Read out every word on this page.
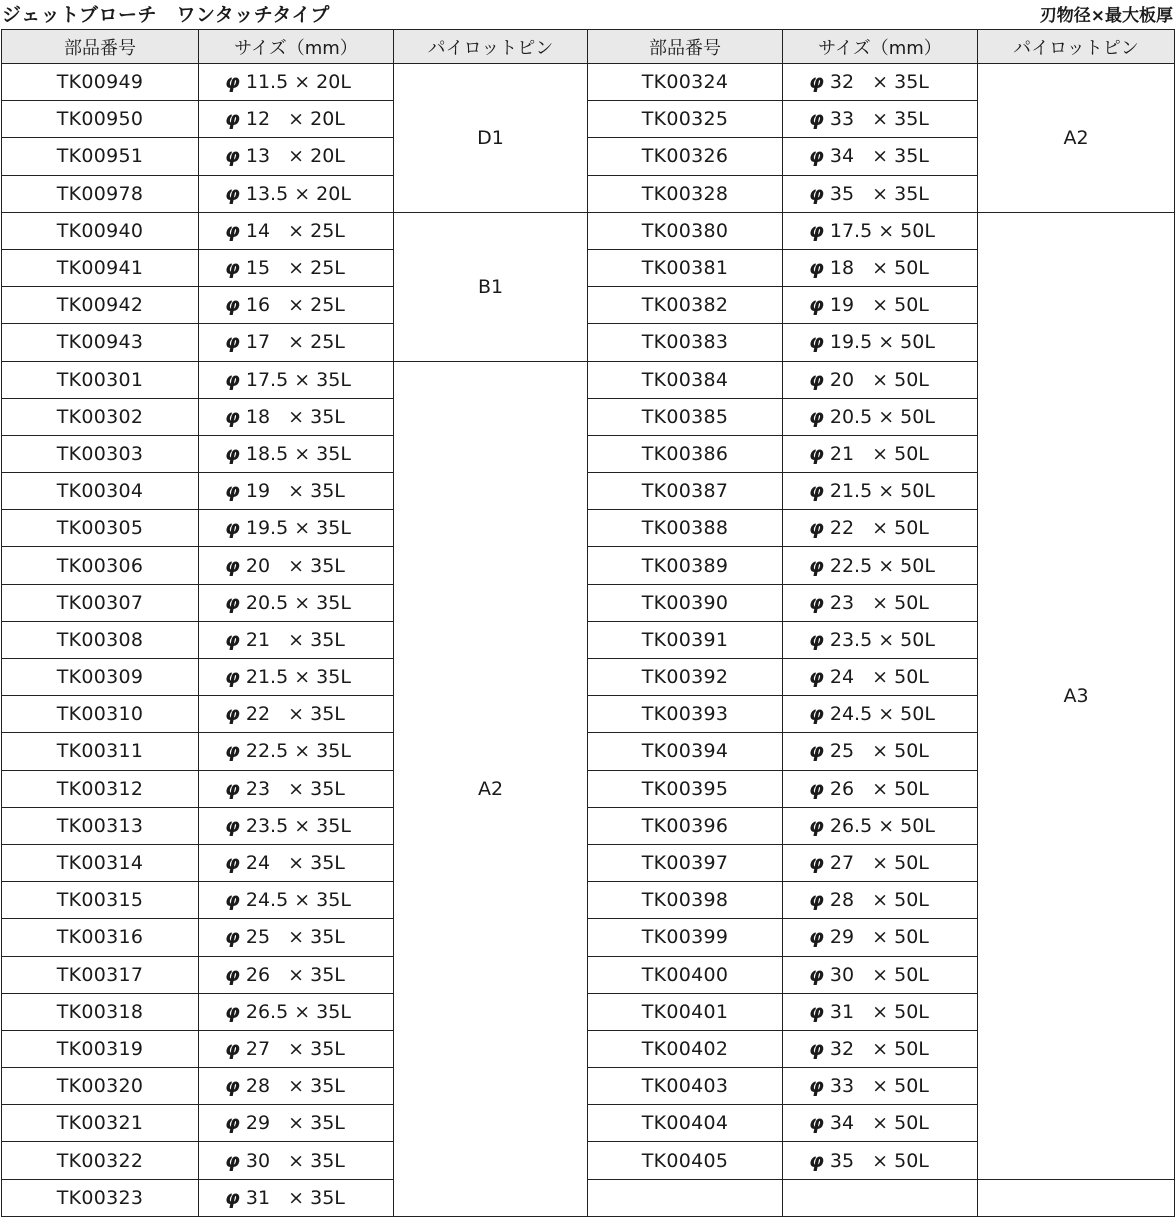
ジェットブローチ　ワンタッチタイプ	刃物径×最大板厚
部品番号	サイズ（mm）	パイロットピン	部品番号	サイズ（mm）	パイロットピン
TK00949	φ 11.5 × 20L	D1	TK00324	φ 32   × 35L	A2
TK00950	φ 12   × 20L		TK00325	φ 33   × 35L	
TK00951	φ 13   × 20L		TK00326	φ 34   × 35L	
TK00978	φ 13.5 × 20L		TK00328	φ 35   × 35L	
TK00940	φ 14   × 25L	B1	TK00380	φ 17.5 × 50L	A3
TK00941	φ 15   × 25L		TK00381	φ 18   × 50L	
TK00942	φ 16   × 25L		TK00382	φ 19   × 50L	
TK00943	φ 17   × 25L		TK00383	φ 19.5 × 50L	
TK00301	φ 17.5 × 35L	A2	TK00384	φ 20   × 50L	
TK00302	φ 18   × 35L		TK00385	φ 20.5 × 50L	
TK00303	φ 18.5 × 35L		TK00386	φ 21   × 50L	
TK00304	φ 19   × 35L		TK00387	φ 21.5 × 50L	
TK00305	φ 19.5 × 35L		TK00388	φ 22   × 50L	
TK00306	φ 20   × 35L		TK00389	φ 22.5 × 50L	
TK00307	φ 20.5 × 35L		TK00390	φ 23   × 50L	
TK00308	φ 21   × 35L		TK00391	φ 23.5 × 50L	
TK00309	φ 21.5 × 35L		TK00392	φ 24   × 50L	
TK00310	φ 22   × 35L		TK00393	φ 24.5 × 50L	
TK00311	φ 22.5 × 35L		TK00394	φ 25   × 50L	
TK00312	φ 23   × 35L		TK00395	φ 26   × 50L	
TK00313	φ 23.5 × 35L		TK00396	φ 26.5 × 50L	
TK00314	φ 24   × 35L		TK00397	φ 27   × 50L	
TK00315	φ 24.5 × 35L		TK00398	φ 28   × 50L	
TK00316	φ 25   × 35L		TK00399	φ 29   × 50L	
TK00317	φ 26   × 35L		TK00400	φ 30   × 50L	
TK00318	φ 26.5 × 35L		TK00401	φ 31   × 50L	
TK00319	φ 27   × 35L		TK00402	φ 32   × 50L	
TK00320	φ 28   × 35L		TK00403	φ 33   × 50L	
TK00321	φ 29   × 35L		TK00404	φ 34   × 50L	
TK00322	φ 30   × 35L		TK00405	φ 35   × 50L	
TK00323	φ 31   × 35L				
